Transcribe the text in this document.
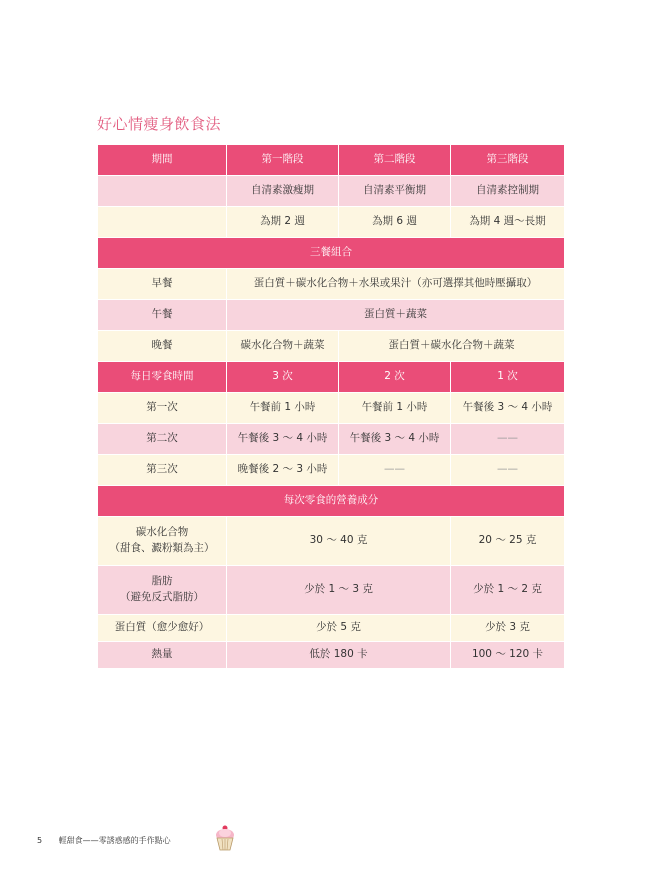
好心情瘦身飲食法
期間	第一階段	第二階段	第三階段
	自清素激瘦期	自清素平衡期	自清素控制期
	為期 2 週	為期 6 週	為期 4 週～長期
三餐組合			
早餐	蛋白質＋碳水化合物＋水果或果汁（亦可選擇其他時壓攝取）		
午餐	蛋白質＋蔬菜		
晚餐	碳水化合物＋蔬菜	蛋白質＋碳水化合物＋蔬菜	
每日零食時間	3 次	2 次	1 次
第一次	午餐前 1 小時	午餐前 1 小時	午餐後 3 ～ 4 小時
第二次	午餐後 3 ～ 4 小時	午餐後 3 ～ 4 小時	——
第三次	晚餐後 2 ～ 3 小時	——	——
每次零食的營養成分			

碳水化合物
（甜食、澱粉類為主）	30 ～ 40 克		20 ～ 25 克

脂肪
（避免反式脂肪）	少於 1 ～ 3 克		少於 1 ～ 2 克
蛋白質（愈少愈好）	少於 5 克		少於 3 克
熱量	低於 180 卡		100 ～ 120 卡
5 輕甜食——零誘惑感的手作點心
